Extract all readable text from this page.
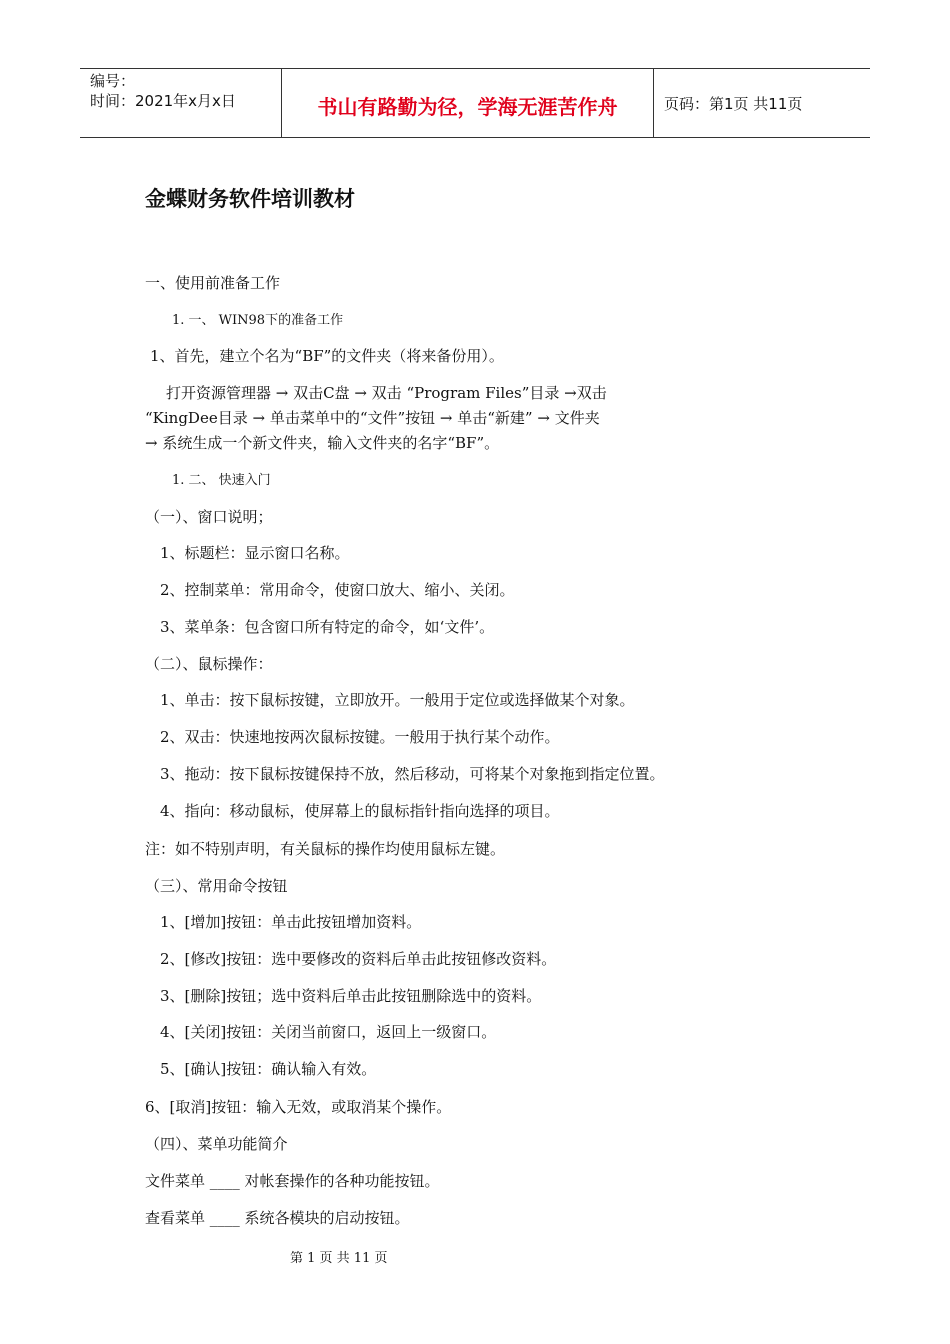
编号：
时间：2021年x月x日	书山有路勤为径，学海无涯苦作舟	页码：第1页 共11页
金蝶财务软件培训教材
一、使用前准备工作
1. 一、 WIN98下的准备工作
1、首先，建立个名为“BF”的文件夹（将来备份用）。
打开资源管理器 → 双击C盘 → 双击 “Program Files”目录 →双击
“KingDee目录 → 单击菜单中的“文件”按钮 → 单击“新建” → 文件夹
→ 系统生成一个新文件夹，输入文件夹的名字“BF”。
1. 二、 快速入门
（一）、窗口说明；
1、标题栏：显示窗口名称。
2、控制菜单：常用命令，使窗口放大、缩小、关闭。
3、菜单条：包含窗口所有特定的命令，如‘文件’。
（二）、鼠标操作：
1、单击：按下鼠标按键，立即放开。一般用于定位或选择做某个对象。
2、双击：快速地按两次鼠标按键。一般用于执行某个动作。
3、拖动：按下鼠标按键保持不放，然后移动，可将某个对象拖到指定位置。
4、指向：移动鼠标，使屏幕上的鼠标指针指向选择的项目。
注：如不特别声明，有关鼠标的操作均使用鼠标左键。
（三）、常用命令按钮
1、[增加]按钮：单击此按钮增加资料。
2、[修改]按钮：选中要修改的资料后单击此按钮修改资料。
3、[删除]按钮；选中资料后单击此按钮删除选中的资料。
4、[关闭]按钮：关闭当前窗口，返回上一级窗口。
5、[确认]按钮：确认输入有效。
6、[取消]按钮：输入无效，或取消某个操作。
（四）、菜单功能简介
文件菜单 ____ 对帐套操作的各种功能按钮。
查看菜单 ____ 系统各模块的启动按钮。
第 1 页 共 11 页
